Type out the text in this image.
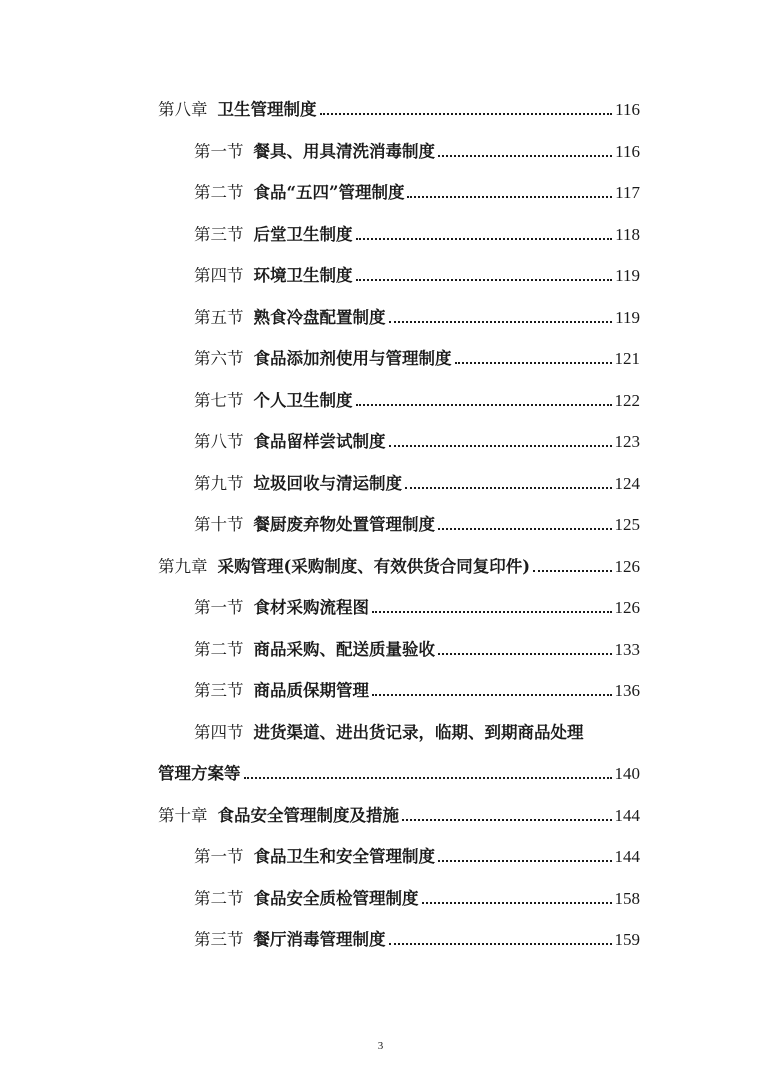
第八章 卫生管理制度	116
第一节 餐具、用具清洗消毒制度	116
第二节 食品“五四”管理制度	117
第三节 后堂卫生制度	118
第四节 环境卫生制度	119
第五节 熟食冷盘配置制度	119
第六节 食品添加剂使用与管理制度	121
第七节 个人卫生制度	122
第八节 食品留样尝试制度	123
第九节 垃圾回收与清运制度	124
第十节 餐厨废弃物处置管理制度	125
第九章 采购管理(采购制度、有效供货合同复印件)	126
第一节 食材采购流程图	126
第二节 商品采购、配送质量验收	133
第三节 商品质保期管理	136
第四节 进货渠道、进出货记录，临期、到期商品处理
管理方案等	140
第十章 食品安全管理制度及措施	144
第一节 食品卫生和安全管理制度	144
第二节 食品安全质检管理制度	158
第三节 餐厅消毒管理制度	159
3
